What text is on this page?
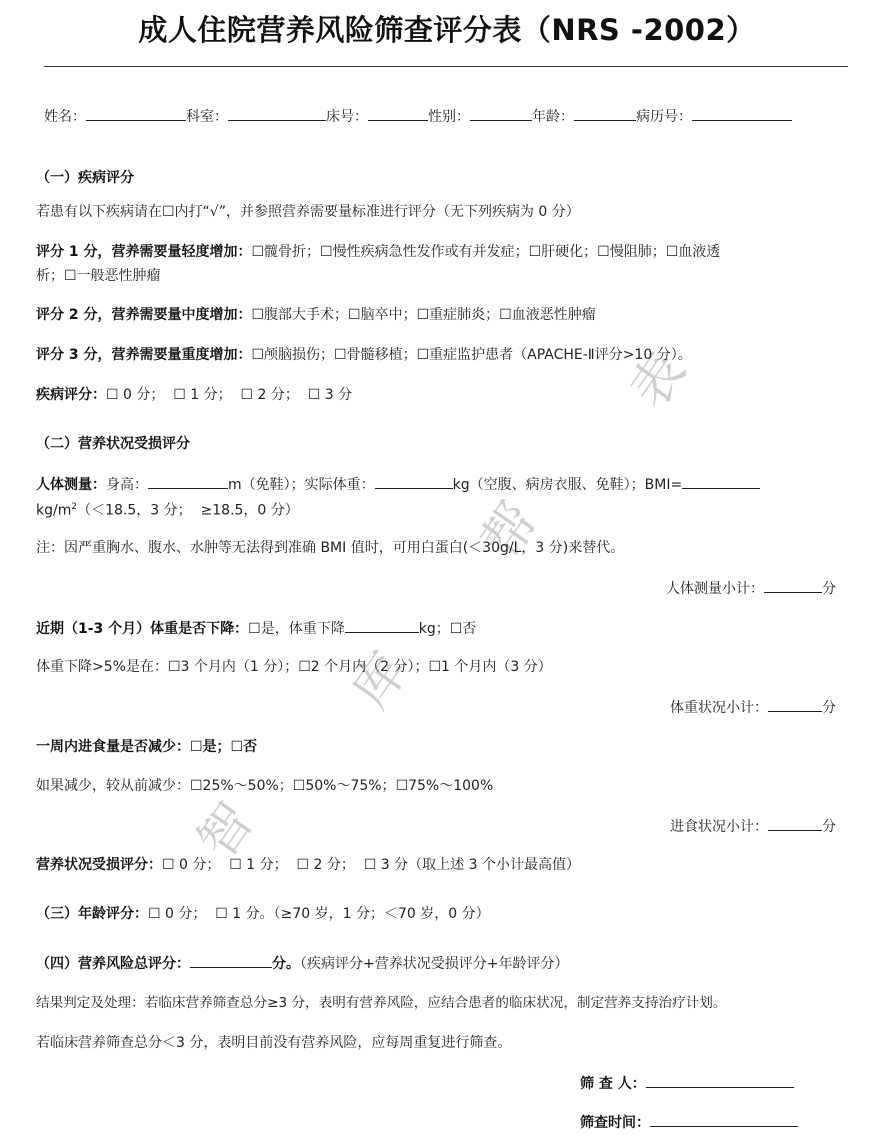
成人住院营养风险筛查评分表（NRS -2002）
智
库
帮
表
姓名：	科室：	床号：	性别：	年龄：	病历号：
（一）疾病评分
若患有以下疾病请在☐内打“√”，并参照营养需要量标准进行评分（无下列疾病为 0 分）
评分 1 分，营养需要量轻度增加：☐髋骨折；☐慢性疾病急性发作或有并发症；☐肝硬化；☐慢阻肺；☐血液透
析；☐一般恶性肿瘤
评分 2 分，营养需要量中度增加：☐腹部大手术；☐脑卒中；☐重症肺炎；☐血液恶性肿瘤
评分 3 分，营养需要量重度增加：☐颅脑损伤；☐骨髓移植；☐重症监护患者（APACHE-Ⅱ评分>10 分）。
疾病评分：☐ 0 分；  ☐ 1 分；  ☐ 2 分；  ☐ 3 分
（二）营养状况受损评分
人体测量：身高：	m（免鞋）；实际体重：	kg（空腹、病房衣服、免鞋）；BMI=
$kg/m^2(<18.5$，3 分；  ≥18.5，0 分）
注：因严重胸水、腹水、水肿等无法得到准确 BMI 值时，可用白蛋白(＜30g/L，3 分)来替代。
人体测量小计：	分
近期（1-3 个月）体重是否下降：☐是，体重下降	kg；☐否
体重下降>5%是在：☐3 个月内（1 分）；☐2 个月内（2 分）；☐1 个月内（3 分）
体重状况小计：	分
一周内进食量是否减少：☐是；☐否
如果减少，较从前减少：☐25%～50%；☐50%～75%；☐75%～100%
进食状况小计：	分
营养状况受损评分：☐ 0 分；  ☐ 1 分；  ☐ 2 分；  ☐ 3 分（取上述 3 个小计最高值）
（三）年龄评分：☐ 0 分；  ☐ 1 分。（≥70 岁，1 分；＜70 岁，0 分）
（四）营养风险总评分：	分。（疾病评分+营养状况受损评分+年龄评分）
结果判定及处理：若临床营养筛查总分≥3 分，表明有营养风险，应结合患者的临床状况，制定营养支持治疗计划。
若临床营养筛查总分＜3 分，表明目前没有营养风险，应每周重复进行筛查。
筛 查 人：
筛查时间：
